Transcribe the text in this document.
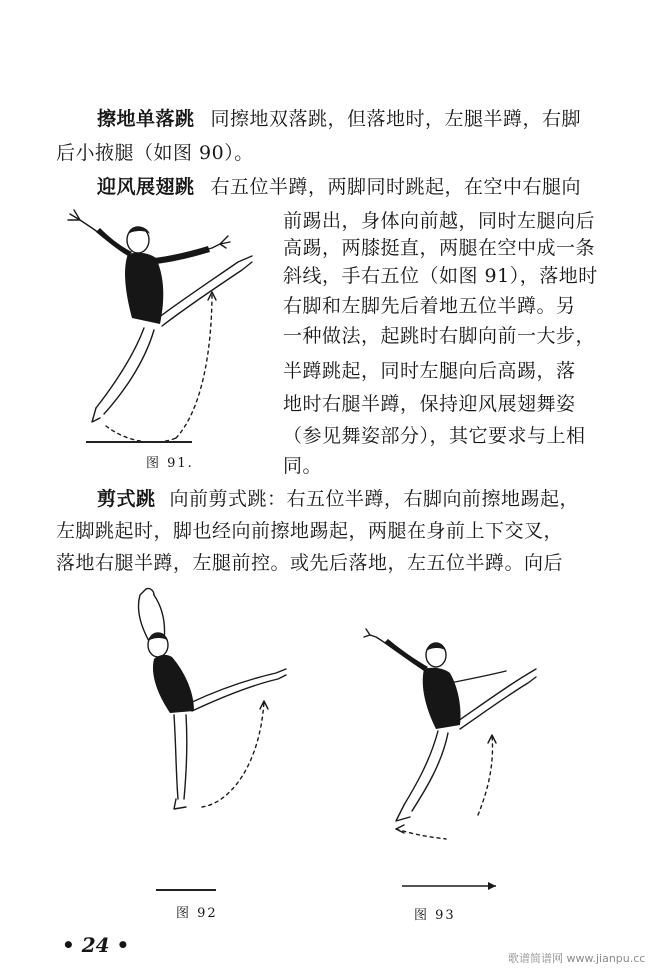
擦地单落跳 同擦地双落跳，但落地时，左腿半蹲，右脚
后小掖腿（如图 90）。
迎风展翅跳 右五位半蹲，两脚同时跳起，在空中右腿向
前踢出，身体向前越，同时左腿向后
高踢，两膝挺直，两腿在空中成一条
斜线，手右五位（如图 91），落地时
右脚和左脚先后着地五位半蹲。另
一种做法，起跳时右脚向前一大步，
半蹲跳起，同时左腿向后高踢，落
地时右腿半蹲，保持迎风展翅舞姿
（参见舞姿部分），其它要求与上相
同。
图 91.
剪式跳 向前剪式跳：右五位半蹲，右脚向前擦地踢起，
左脚跳起时，脚也经向前擦地踢起，两腿在身前上下交叉，
落地右腿半蹲，左腿前控。或先后落地，左五位半蹲。向后
图 92	图 93
• 24 •
歌谱简谱网 www.jianpu.cc
